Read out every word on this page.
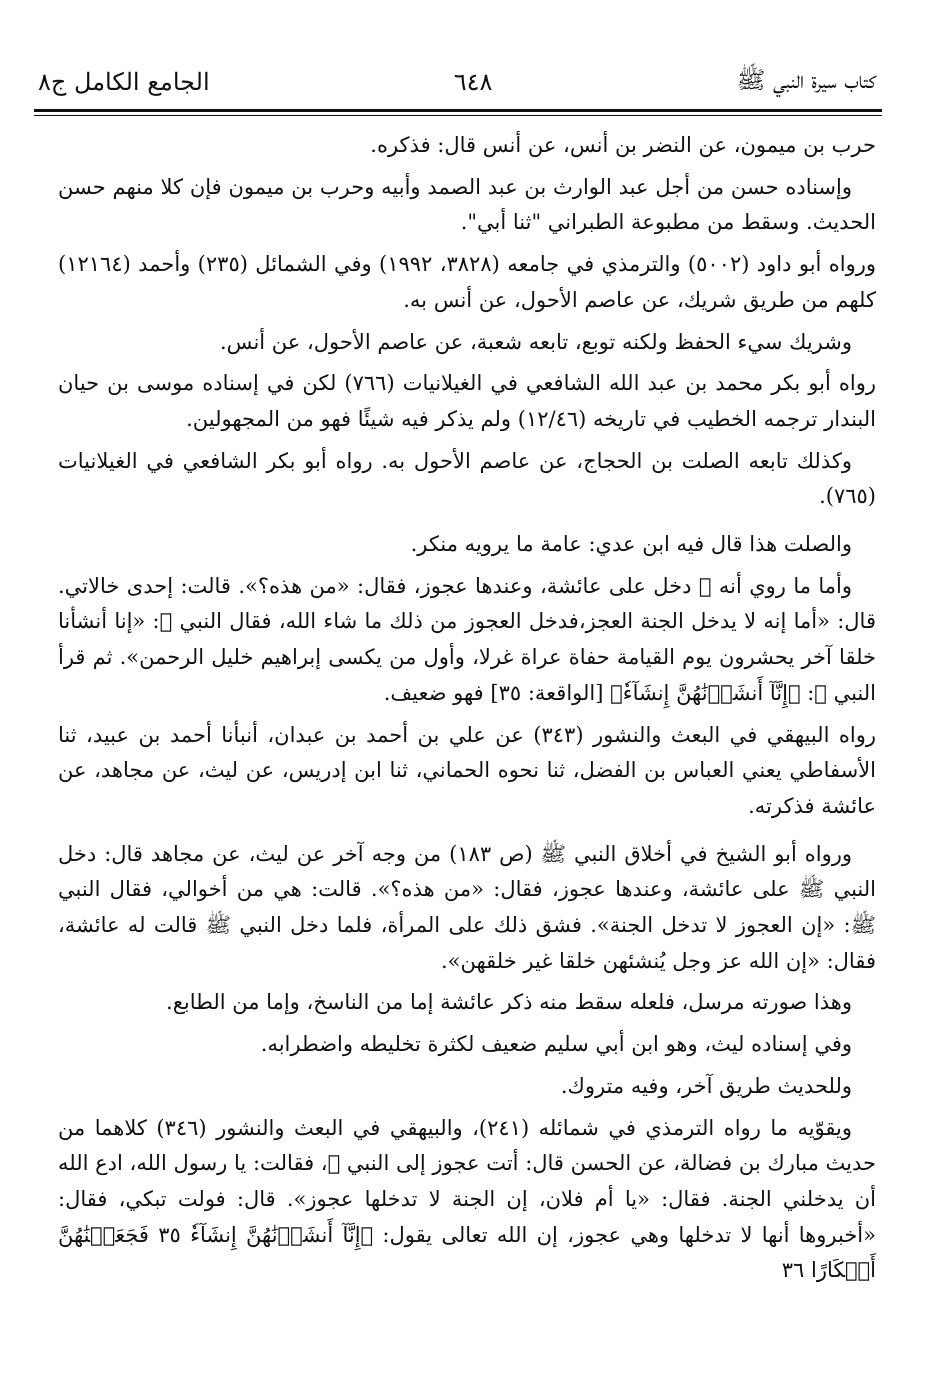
كتاب سيرة النبي ﷺ
٦٤٨
الجامع الكامل ج٨

حرب بن ميمون، عن النضر بن أنس، عن أنس قال: فذكره.

وإسناده حسن من أجل عبد الوارث بن عبد الصمد وأبيه وحرب بن ميمون فإن كلا منهم حسن الحديث. وسقط من مطبوعة الطبراني "ثنا أبي".

ورواه أبو داود (٥٠٠٢) والترمذي في جامعه (٣٨٢٨، ١٩٩٢) وفي الشمائل (٢٣٥) وأحمد (١٢١٦٤) كلهم من طريق شريك، عن عاصم الأحول، عن أنس به.

وشريك سيء الحفظ ولكنه توبع، تابعه شعبة، عن عاصم الأحول، عن أنس.

رواه أبو بكر محمد بن عبد الله الشافعي في الغيلانيات (٧٦٦) لكن في إسناده موسى بن حيان البندار ترجمه الخطيب في تاريخه (١٢/٤٦) ولم يذكر فيه شيئًا فهو من المجهولين.

وكذلك تابعه الصلت بن الحجاج، عن عاصم الأحول به. رواه أبو بكر الشافعي في الغيلانيات (٧٦٥).

والصلت هذا قال فيه ابن عدي: عامة ما يرويه منكر.

وأما ما روي أنه ﷺ دخل على عائشة، وعندها عجوز، فقال: «من هذه؟». قالت: إحدى خالاتي. قال: «أما إنه لا يدخل الجنة العجز،فدخل العجوز من ذلك ما شاء الله، فقال النبي ﷺ: «إنا أنشأنا خلقا آخر يحشرون يوم القيامة حفاة عراة غرلا، وأول من يكسى إبراهيم خليل الرحمن». ثم قرأ النبي ﷺ: ﴿إِنَّآ أَنشَأۡنَٰهُنَّ إِنشَآءٗ﴾ [الواقعة: ٣٥] فهو ضعيف.

رواه البيهقي في البعث والنشور (٣٤٣) عن علي بن أحمد بن عبدان، أنبأنا أحمد بن عبيد، ثنا الأسفاطي يعني العباس بن الفضل، ثنا نحوه الحماني، ثنا ابن إدريس، عن ليث، عن مجاهد، عن عائشة فذكرته.

ورواه أبو الشيخ في أخلاق النبي ﷺ (ص ١٨٣) من وجه آخر عن ليث، عن مجاهد قال: دخل النبي ﷺ على عائشة، وعندها عجوز، فقال: «من هذه؟». قالت: هي من أخوالي، فقال النبي ﷺ: «إن العجوز لا تدخل الجنة». فشق ذلك على المرأة، فلما دخل النبي ﷺ قالت له عائشة، فقال: «إن الله عز وجل يُنشئهن خلقا غير خلقهن».

وهذا صورته مرسل، فلعله سقط منه ذكر عائشة إما من الناسخ، وإما من الطابع.

وفي إسناده ليث، وهو ابن أبي سليم ضعيف لكثرة تخليطه واضطرابه.

وللحديث طريق آخر، وفيه متروك.

ويقوّيه ما رواه الترمذي في شمائله (٢٤١)، والبيهقي في البعث والنشور (٣٤٦) كلاهما من حديث مبارك بن فضالة، عن الحسن قال: أتت عجوز إلى النبي ﷺ، فقالت: يا رسول الله، ادع الله أن يدخلني الجنة. فقال: «يا أم فلان، إن الجنة لا تدخلها عجوز». قال: فولت تبكي، فقال: «أخبروها أنها لا تدخلها وهي عجوز، إن الله تعالى يقول: ﴿إِنَّآ أَنشَأۡنَٰهُنَّ إِنشَآءٗ ٣٥ فَجَعَلۡنَٰهُنَّ أَبۡكَارًا ٣٦
